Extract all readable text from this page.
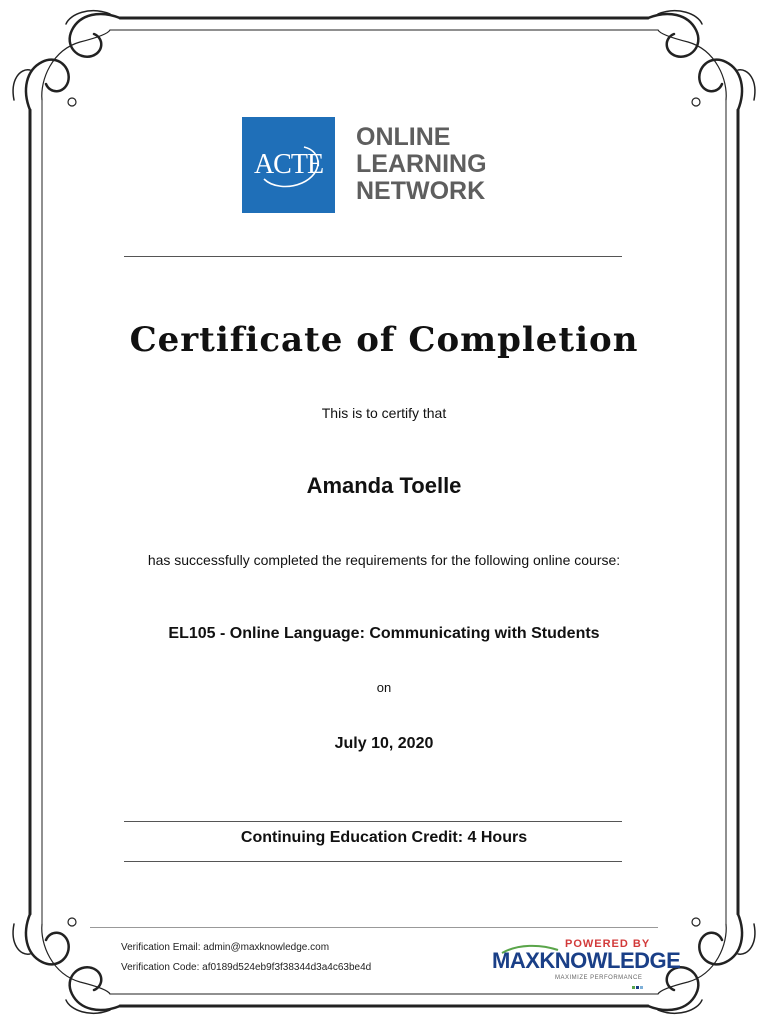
ACTE
ONLINE
LEARNING
NETWORK
Certificate of Completion
This is to certify that
Amanda Toelle
has successfully completed the requirements for the following online course:
EL105 - Online Language: Communicating with Students
on
July 10, 2020
Continuing Education Credit: 4 Hours
Verification Email: admin@maxknowledge.com
Verification Code: af0189d524eb9f3f38344d3a4c63be4d
POWERED BY
MAXKNOWLEDGE
MAXIMIZE PERFORMANCE
